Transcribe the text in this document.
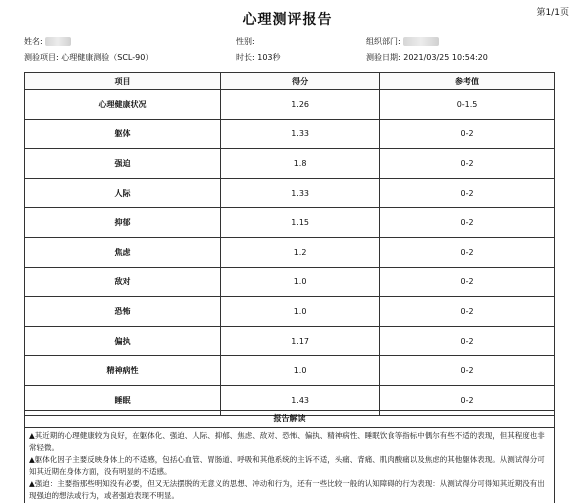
第1/1页
心理测评报告
姓名:	性别:	组织部门:
测验项目: 心理健康测验（SCL-90）	时长: 103秒	测验日期: 2021/03/25 10:54:20
项目	得分	参考值
心理健康状况	1.26	0-1.5
躯体	1.33	0-2
强迫	1.8	0-2
人际	1.33	0-2
抑郁	1.15	0-2
焦虑	1.2	0-2
敌对	1.0	0-2
恐怖	1.0	0-2
偏执	1.17	0-2
精神病性	1.0	0-2
睡眠	1.43	0-2
报告解读

▲其近期的心理健康较为良好，在躯体化、强迫、人际、抑郁、焦虑、敌对、恐怖、偏执、精神病性、睡眠饮食等指标中偶尔有些不适的表现，但其程度也非常轻微。

▲躯体化因子主要反映身体上的不适感，包括心血管、胃肠道、呼吸和其他系统的主诉不适，头痛、背痛、肌肉酸痛以及焦虑的其他躯体表现。从测试得分可知其近期在身体方面，没有明显的不适感。

▲强迫：主要指那些明知没有必要，但又无法摆脱的无意义的思想、冲动和行为，还有一些比较一般的认知障碍的行为表现：从测试得分可得知其近期没有出现强迫的想法或行为，或者强迫表现不明显。
